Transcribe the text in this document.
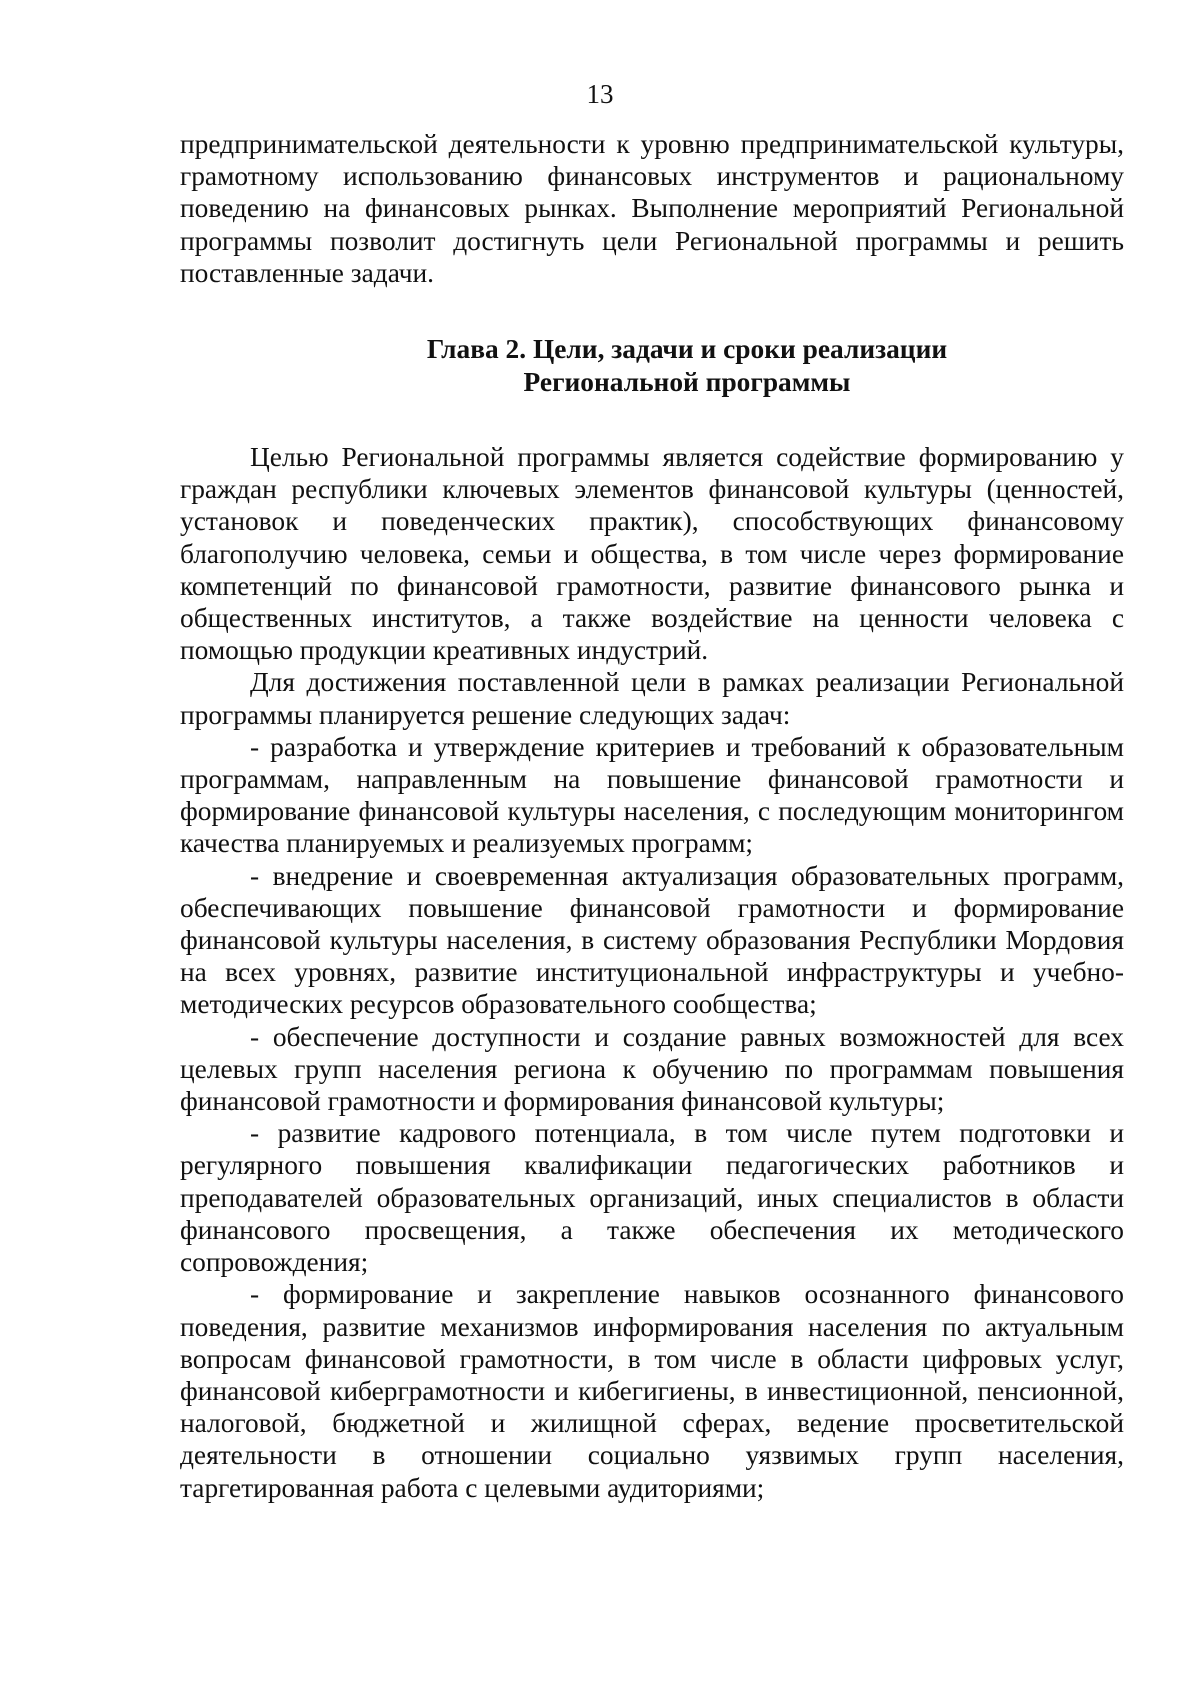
13

предпринимательской деятельности к уровню предпринимательской культуры, грамотному использованию финансовых инструментов и рациональному поведению на финансовых рынках. Выполнение мероприятий Региональной программы позволит достигнуть цели Региональной программы и решить поставленные задачи.

Глава 2. Цели, задачи и сроки реализации
Региональной программы

Целью Региональной программы является содействие формированию у граждан республики ключевых элементов финансовой культуры (ценностей, установок и поведенческих практик), способствующих финансовому благополучию человека, семьи и общества, в том числе через формирование компетенций по финансовой грамотности, развитие финансового рынка и общественных институтов, а также воздействие на ценности человека с помощью продукции креативных индустрий.

Для достижения поставленной цели в рамках реализации Региональной программы планируется решение следующих задач:

- разработка и утверждение критериев и требований к образовательным программам, направленным на повышение финансовой грамотности и формирование финансовой культуры населения, с последующим мониторингом качества планируемых и реализуемых программ;

- внедрение и своевременная актуализация образовательных программ, обеспечивающих повышение финансовой грамотности и формирование финансовой культуры населения, в систему образования Республики Мордовия на всех уровнях, развитие институциональной инфраструктуры и учебно-методических ресурсов образовательного сообщества;

- обеспечение доступности и создание равных возможностей для всех целевых групп населения региона к обучению по программам повышения финансовой грамотности и формирования финансовой культуры;

- развитие кадрового потенциала, в том числе путем подготовки и регулярного повышения квалификации педагогических работников и преподавателей образовательных организаций, иных специалистов в области финансового просвещения, а также обеспечения их методического сопровождения;

- формирование и закрепление навыков осознанного финансового поведения, развитие механизмов информирования населения по актуальным вопросам финансовой грамотности, в том числе в области цифровых услуг, финансовой киберграмотности и кибегигиены, в инвестиционной, пенсионной, налоговой, бюджетной и жилищной сферах, ведение просветительской деятельности в отношении социально уязвимых групп населения, таргетированная работа с целевыми аудиториями;
